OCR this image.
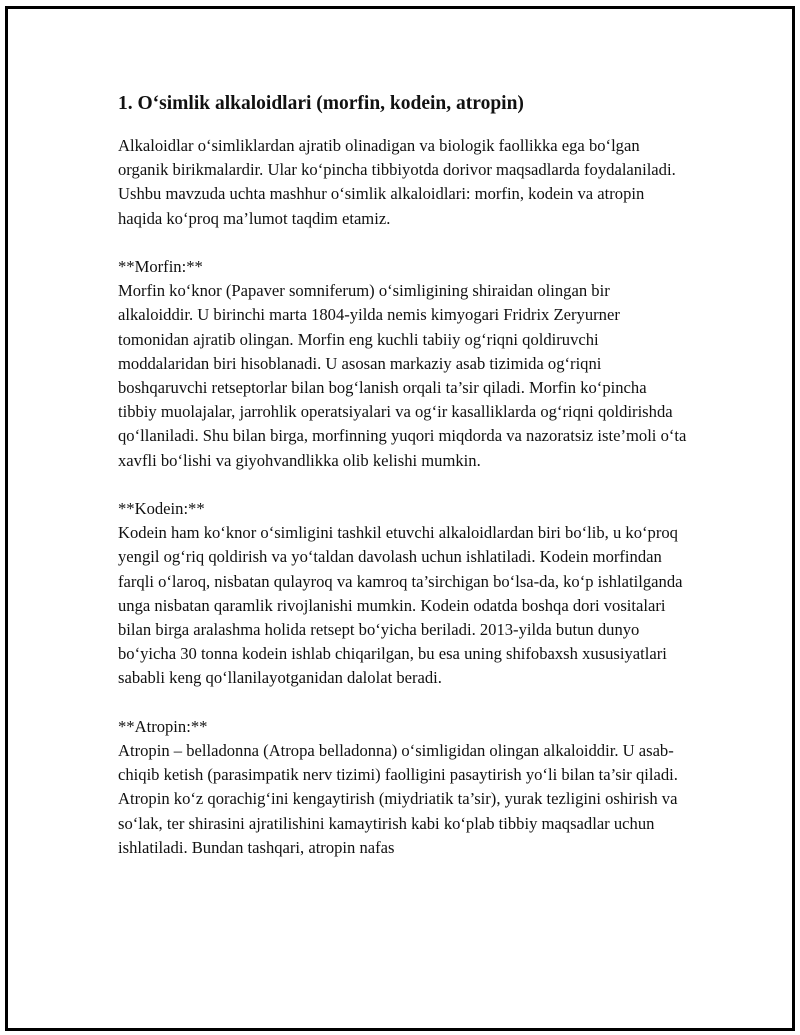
1. O‘simlik alkaloidlari (morfin, kodein, atropin)

Alkaloidlar o‘simliklardan ajratib olinadigan va biologik faollikka ega bo‘lgan organik birikmalardir. Ular ko‘pincha tibbiyotda dorivor maqsadlarda foydalaniladi. Ushbu mavzuda uchta mashhur o‘simlik alkaloidlari: morfin, kodein va atropin haqida ko‘proq ma’lumot taqdim etamiz.

**Morfin:**

Morfin ko‘knor (Papaver somniferum) o‘simligining shiraidan olingan bir alkaloiddir. U birinchi marta 1804-yilda nemis kimyogari Fridrix Zeryurner tomonidan ajratib olingan. Morfin eng kuchli tabiiy og‘riqni qoldiruvchi moddalaridan biri hisoblanadi. U asosan markaziy asab tizimida og‘riqni boshqaruvchi retseptorlar bilan bog‘lanish orqali ta’sir qiladi. Morfin ko‘pincha tibbiy muolajalar, jarrohlik operatsiyalari va og‘ir kasalliklarda og‘riqni qoldirishda qo‘llaniladi. Shu bilan birga, morfinning yuqori miqdorda va nazoratsiz iste’moli o‘ta xavfli bo‘lishi va giyohvandlikka olib kelishi mumkin.

**Kodein:**

Kodein ham ko‘knor o‘simligini tashkil etuvchi alkaloidlardan biri bo‘lib, u ko‘proq yengil og‘riq qoldirish va yo‘taldan davolash uchun ishlatiladi. Kodein morfindan farqli o‘laroq, nisbatan qulayroq va kamroq ta’sirchigan bo‘lsa-da, ko‘p ishlatilganda unga nisbatan qaramlik rivojlanishi mumkin. Kodein odatda boshqa dori vositalari bilan birga aralashma holida retsept bo‘yicha beriladi. 2013-yilda butun dunyo bo‘yicha 30 tonna kodein ishlab chiqarilgan, bu esa uning shifobaxsh xususiyatlari sababli keng qo‘llanilayotganidan dalolat beradi.

**Atropin:**

Atropin – belladonna (Atropa belladonna) o‘simligidan olingan alkaloiddir. U asab-chiqib ketish (parasimpatik nerv tizimi) faolligini pasaytirish yo‘li bilan ta’sir qiladi. Atropin ko‘z qorachig‘ini kengaytirish (miydriatik ta’sir), yurak tezligini oshirish va so‘lak, ter shirasini ajratilishini kamaytirish kabi ko‘plab tibbiy maqsadlar uchun ishlatiladi. Bundan tashqari, atropin nafas
